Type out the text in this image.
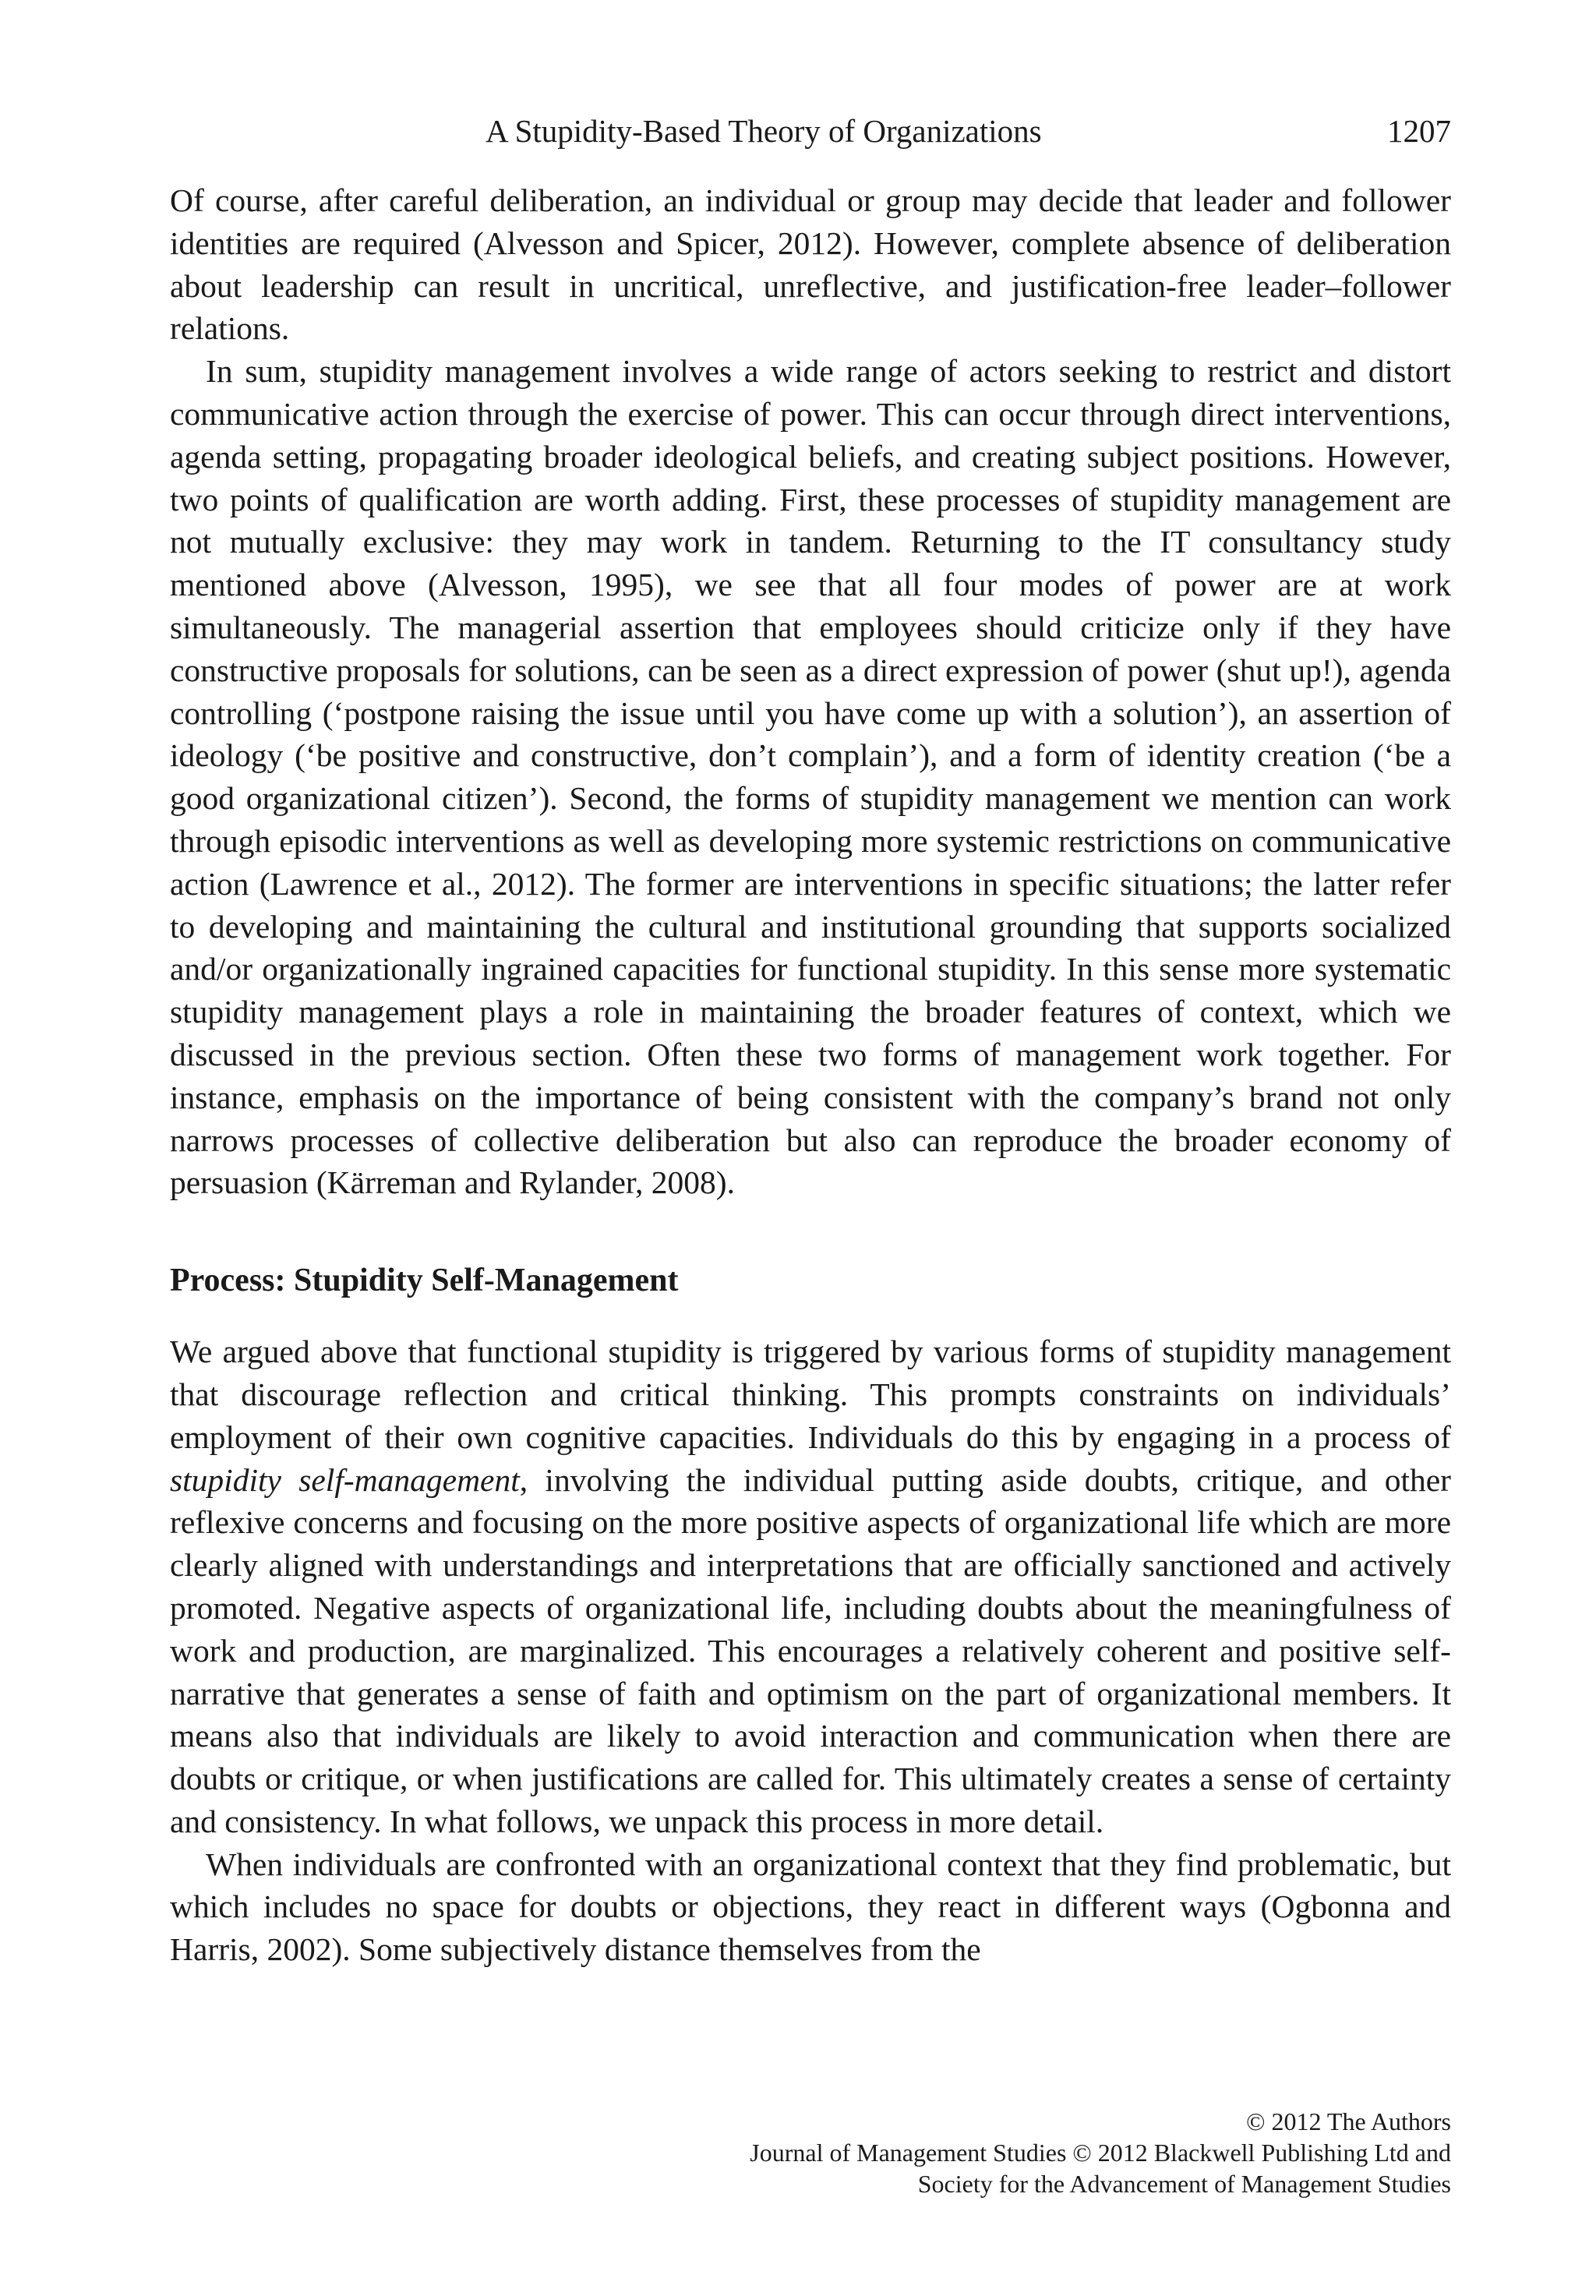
A Stupidity-Based Theory of Organizations	1207

Of course, after careful deliberation, an individual or group may decide that leader and follower identities are required (Alvesson and Spicer, 2012). However, complete absence of deliberation about leadership can result in uncritical, unreflective, and justification-free leader–follower relations.

In sum, stupidity management involves a wide range of actors seeking to restrict and distort communicative action through the exercise of power. This can occur through direct interventions, agenda setting, propagating broader ideological beliefs, and creating subject positions. However, two points of qualification are worth adding. First, these processes of stupidity management are not mutually exclusive: they may work in tandem. Returning to the IT consultancy study mentioned above (Alvesson, 1995), we see that all four modes of power are at work simultaneously. The managerial assertion that employees should criticize only if they have constructive proposals for solutions, can be seen as a direct expression of power (shut up!), agenda controlling (‘postpone raising the issue until you have come up with a solution’), an assertion of ideology (‘be positive and constructive, don’t complain’), and a form of identity creation (‘be a good organizational citizen’). Second, the forms of stupidity management we mention can work through episodic interventions as well as developing more systemic restrictions on communicative action (Lawrence et al., 2012). The former are interventions in specific situations; the latter refer to developing and maintaining the cultural and institutional grounding that supports socialized and/or organizationally ingrained capacities for functional stupidity. In this sense more systematic stupidity management plays a role in maintaining the broader features of context, which we discussed in the previous section. Often these two forms of management work together. For instance, emphasis on the importance of being consistent with the company’s brand not only narrows processes of collective deliberation but also can reproduce the broader economy of persuasion (Kärreman and Rylander, 2008).

Process: Stupidity Self-Management

We argued above that functional stupidity is triggered by various forms of stupidity management that discourage reflection and critical thinking. This prompts constraints on individuals’ employment of their own cognitive capacities. Individuals do this by engaging in a process of stupidity self-management, involving the individual putting aside doubts, critique, and other reflexive concerns and focusing on the more positive aspects of organizational life which are more clearly aligned with understandings and interpretations that are officially sanctioned and actively promoted. Negative aspects of organizational life, including doubts about the meaningfulness of work and production, are marginalized. This encourages a relatively coherent and positive self-narrative that generates a sense of faith and optimism on the part of organizational members. It means also that individuals are likely to avoid interaction and communication when there are doubts or critique, or when justifications are called for. This ultimately creates a sense of certainty and consistency. In what follows, we unpack this process in more detail.

When individuals are confronted with an organizational context that they find problematic, but which includes no space for doubts or objections, they react in different ways (Ogbonna and Harris, 2002). Some subjectively distance themselves from the

© 2012 The Authors
Journal of Management Studies © 2012 Blackwell Publishing Ltd and
Society for the Advancement of Management Studies
